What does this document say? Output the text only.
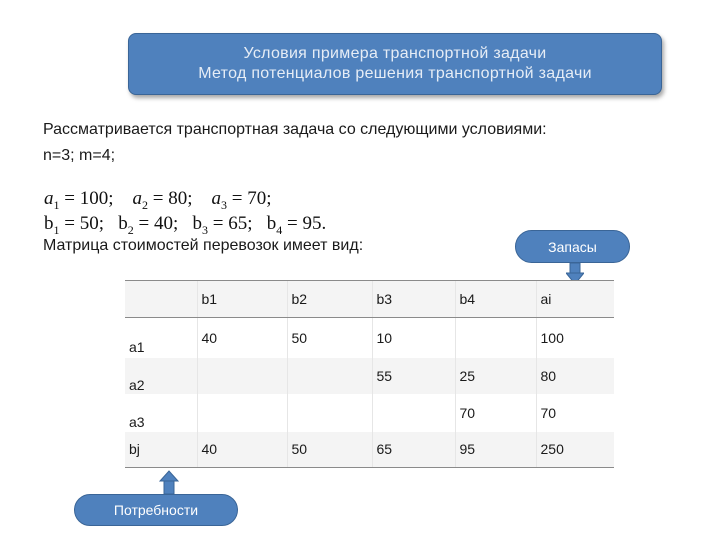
Условия примера транспортной задачи
Метод потенциалов решения транспортной задачи
Рассматривается транспортная задача со следующими условиями:
n=3; m=4;
$a_1 = 100$;    $a_2 = 80$;    $a_3 = 70$;
$b_1 = 50$;   $b_2 = 40$;   $b_3 = 65$;   $b_4 = 95$.
Матрица стоимостей перевозок имеет вид:	Запасы
	b1	b2	b3	b4	ai
a1	40	50	10		100
a2			55	25	80
a3				70	70
bj	40	50	65	95	250
Потребности
